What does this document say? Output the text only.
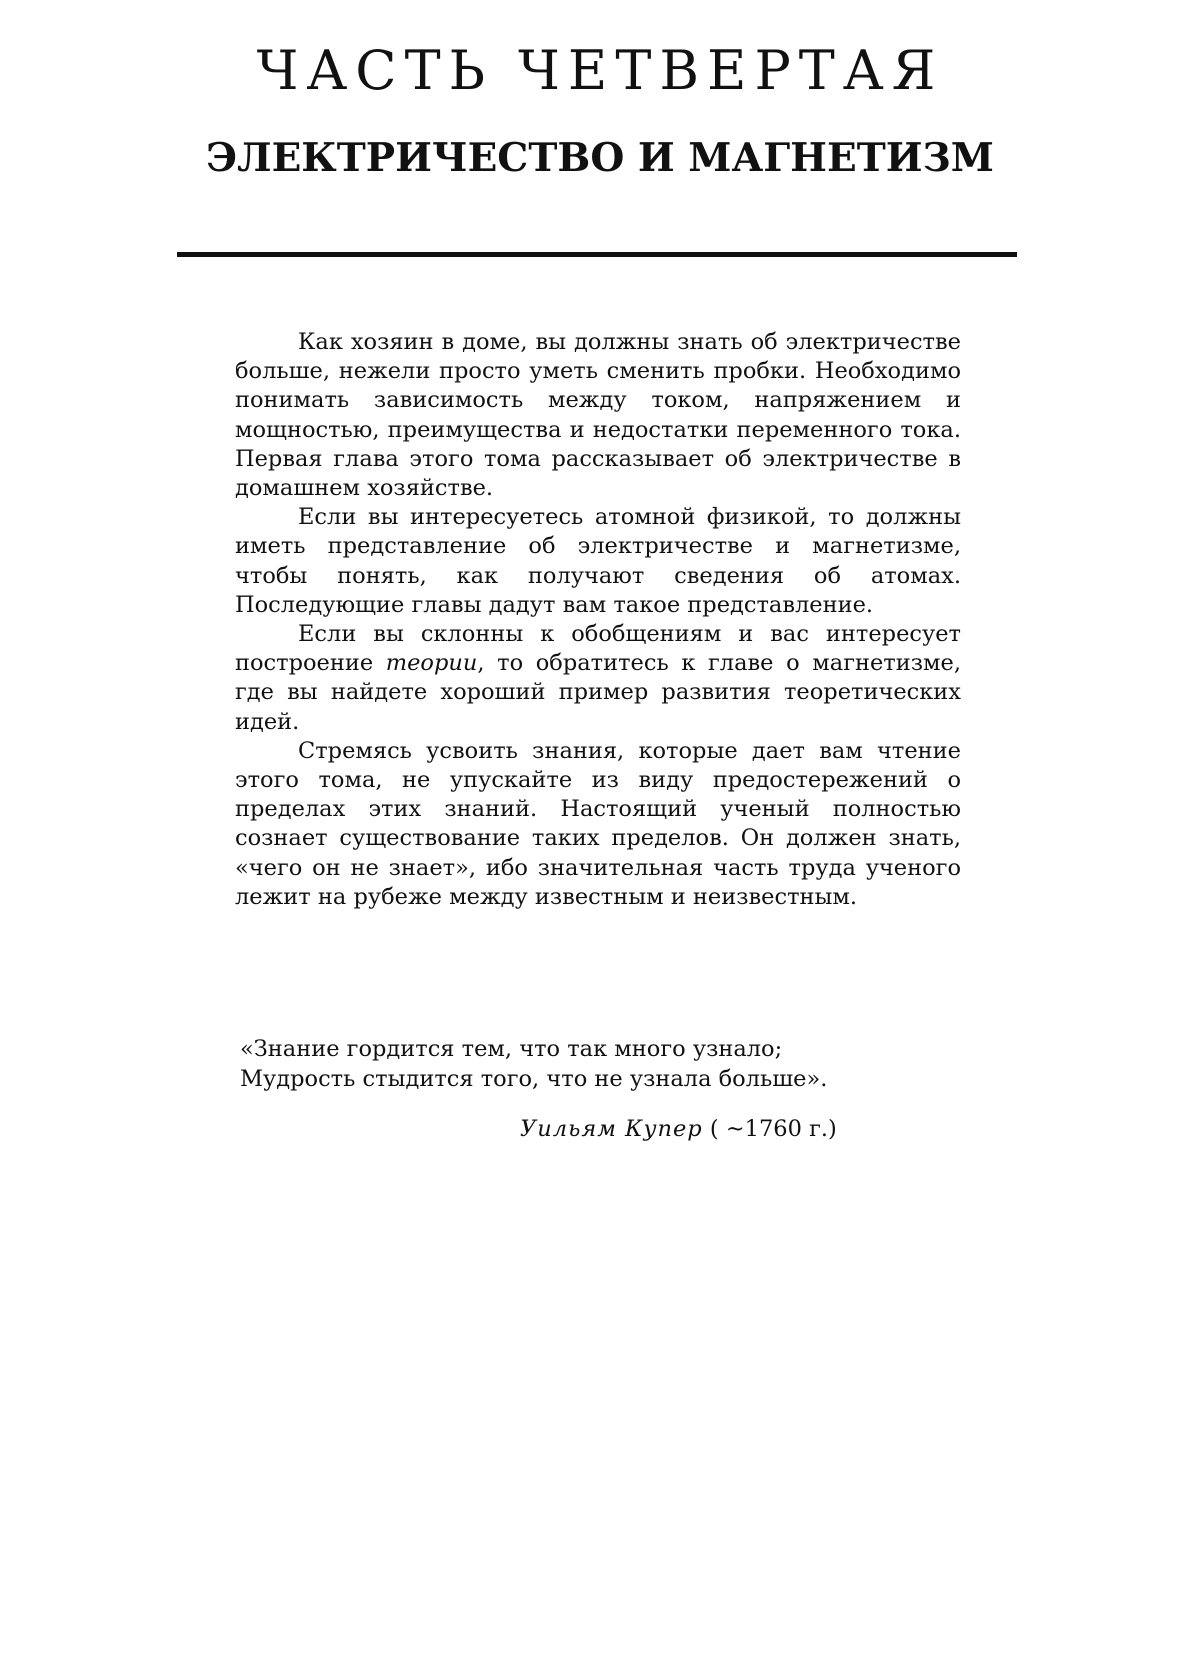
ЧАСТЬ ЧЕТВЕРТАЯ
ЭЛЕКТРИЧЕСТВО И МАГНЕТИЗМ

Как хозяин в доме, вы должны знать об электричестве больше, нежели просто уметь сменить пробки. Необходимо понимать зависимость между током, напряжением и мощностью, преимущества и недостатки переменного тока. Первая глава этого тома рассказывает об электричестве в домашнем хозяйстве.

Если вы интересуетесь атомной физикой, то должны иметь представление об электричестве и магнетизме, чтобы понять, как получают сведения об атомах. Последующие главы дадут вам такое представление.

Если вы склонны к обобщениям и вас интересует построение теории, то обратитесь к главе о магнетизме, где вы найдете хороший пример развития теоретических идей.

Стремясь усвоить знания, которые дает вам чтение этого тома, не упускайте из виду предостережений о пределах этих знаний. Настоящий ученый полностью сознает существование таких пределов. Он должен знать, «чего он не знает», ибо значительная часть труда ученого лежит на рубеже между известным и неизвестным.

«Знание гордится тем, что так много узнало;
Мудрость стыдится того, что не узнала больше».
Уильям Купер ( ~1760 г.)
